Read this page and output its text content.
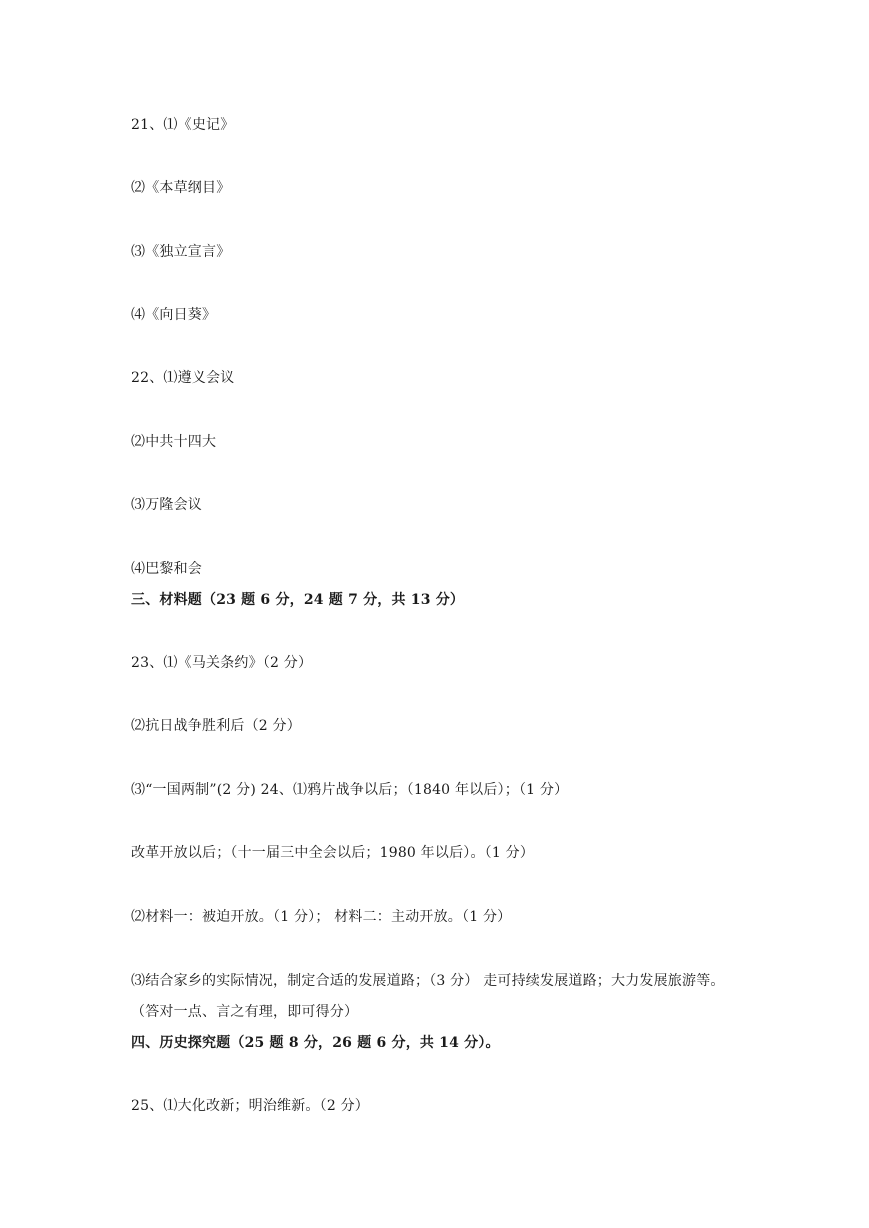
21、⑴《史记》
⑵《本草纲目》
⑶《独立宣言》
⑷《向日葵》
22、⑴遵义会议
⑵中共十四大
⑶万隆会议
⑷巴黎和会
三、材料题（23 题 6 分，24 题 7 分，共 13 分）
23、⑴《马关条约》（2 分）
⑵抗日战争胜利后（2 分）
⑶“一国两制”(2 分) 24、⑴鸦片战争以后；（1840 年以后）；（1 分）
改革开放以后；（十一届三中全会以后；1980 年以后）。（1 分）
⑵材料一：被迫开放。（1 分）； 材料二：主动开放。（1 分）
⑶结合家乡的实际情况，制定合适的发展道路；（3 分） 走可持续发展道路；大力发展旅游等。（答对一点、言之有理，即可得分）
四、历史探究题（25 题 8 分，26 题 6 分，共 14 分）。
25、⑴大化改新；明治维新。（2 分）
